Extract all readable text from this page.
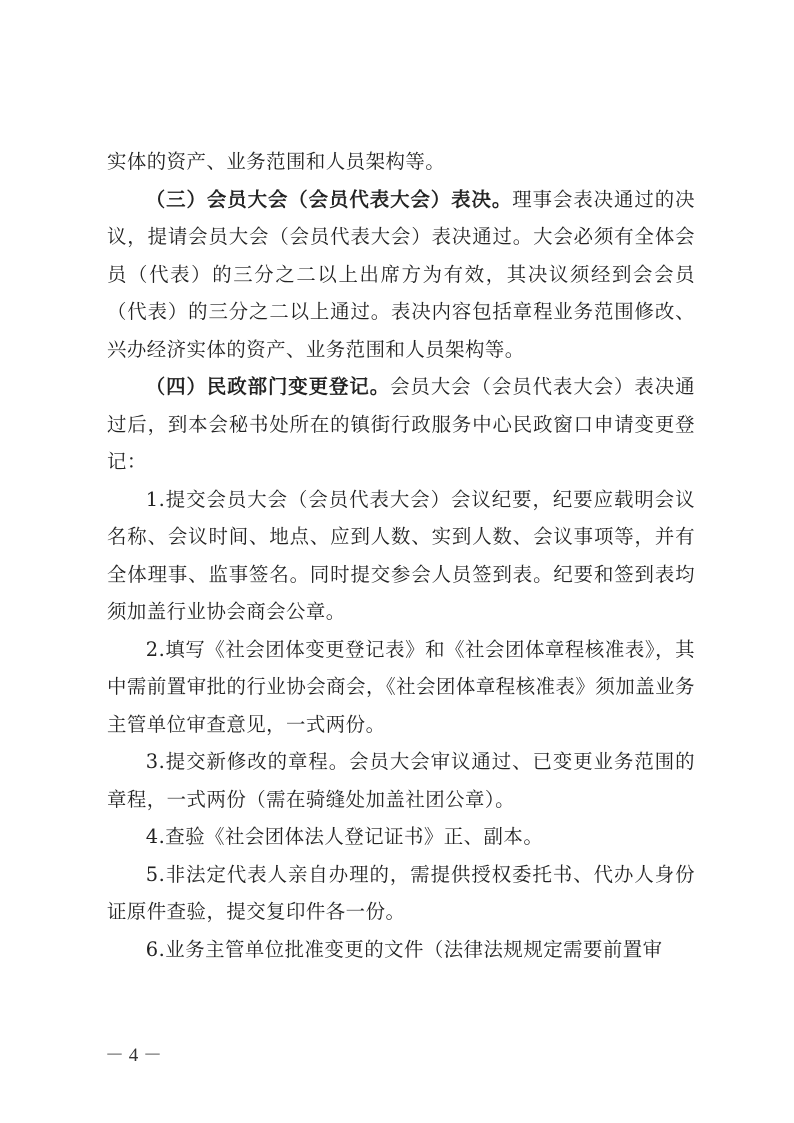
实体的资产、业务范围和人员架构等。

（三）会员大会（会员代表大会）表决。理事会表决通过的决议，提请会员大会（会员代表大会）表决通过。大会必须有全体会员（代表）的三分之二以上出席方为有效，其决议须经到会会员（代表）的三分之二以上通过。表决内容包括章程业务范围修改、兴办经济实体的资产、业务范围和人员架构等。

（四）民政部门变更登记。会员大会（会员代表大会）表决通过后，到本会秘书处所在的镇街行政服务中心民政窗口申请变更登记：

1.提交会员大会（会员代表大会）会议纪要，纪要应载明会议名称、会议时间、地点、应到人数、实到人数、会议事项等，并有全体理事、监事签名。同时提交参会人员签到表。纪要和签到表均须加盖行业协会商会公章。

2.填写《社会团体变更登记表》和《社会团体章程核准表》，其中需前置审批的行业协会商会，《社会团体章程核准表》须加盖业务主管单位审查意见，一式两份。

3.提交新修改的章程。会员大会审议通过、已变更业务范围的章程，一式两份（需在骑缝处加盖社团公章）。

4.查验《社会团体法人登记证书》正、副本。

5.非法定代表人亲自办理的，需提供授权委托书、代办人身份证原件查验，提交复印件各一份。

6.业务主管单位批准变更的文件（法律法规规定需要前置审

－ 4 －
